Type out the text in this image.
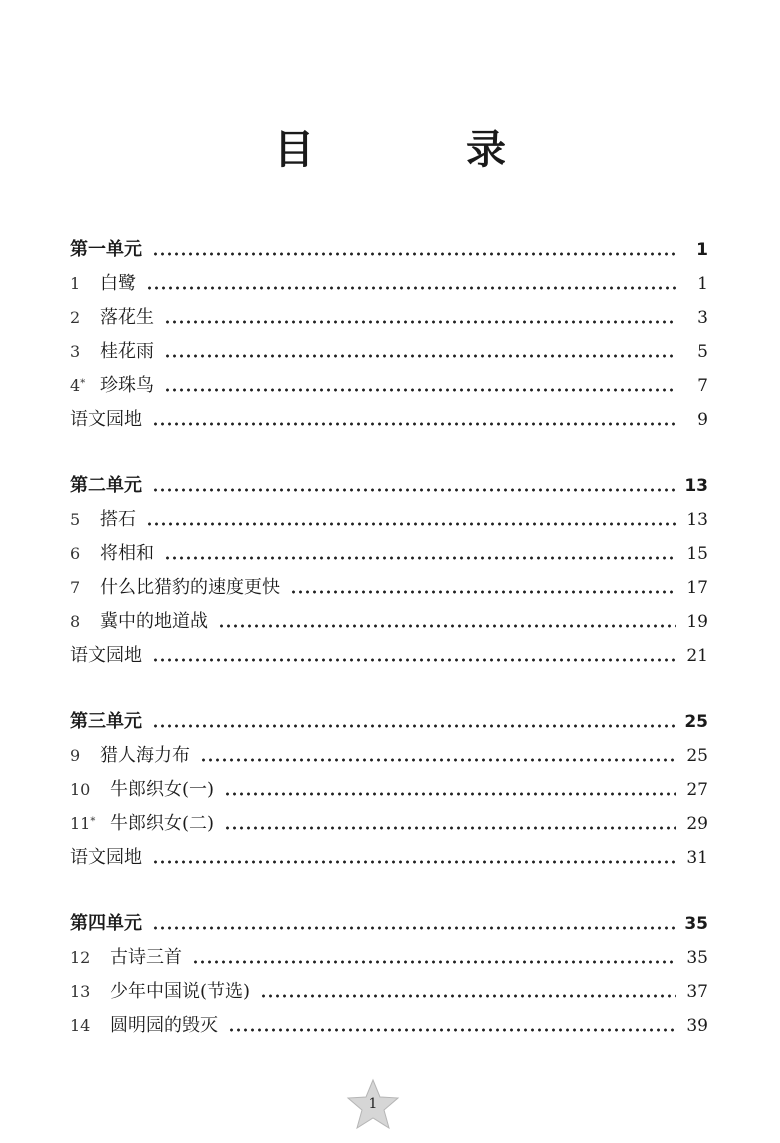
目　录
第一单元	1
1	白鹭	1
2	落花生	3
3	桂花雨	5
4* 珍珠鸟	7
语文园地	9
第二单元	13
5	搭石	13
6	将相和	15
7	什么比猎豹的速度更快	17
8	冀中的地道战	19
语文园地	21
第三单元	25
9	猎人海力布	25
10	牛郎织女(一)	27
11* 牛郎织女(二)	29
语文园地	31
第四单元	35
12	古诗三首	35
13	少年中国说(节选)	37
14	圆明园的毁灭	39
1
